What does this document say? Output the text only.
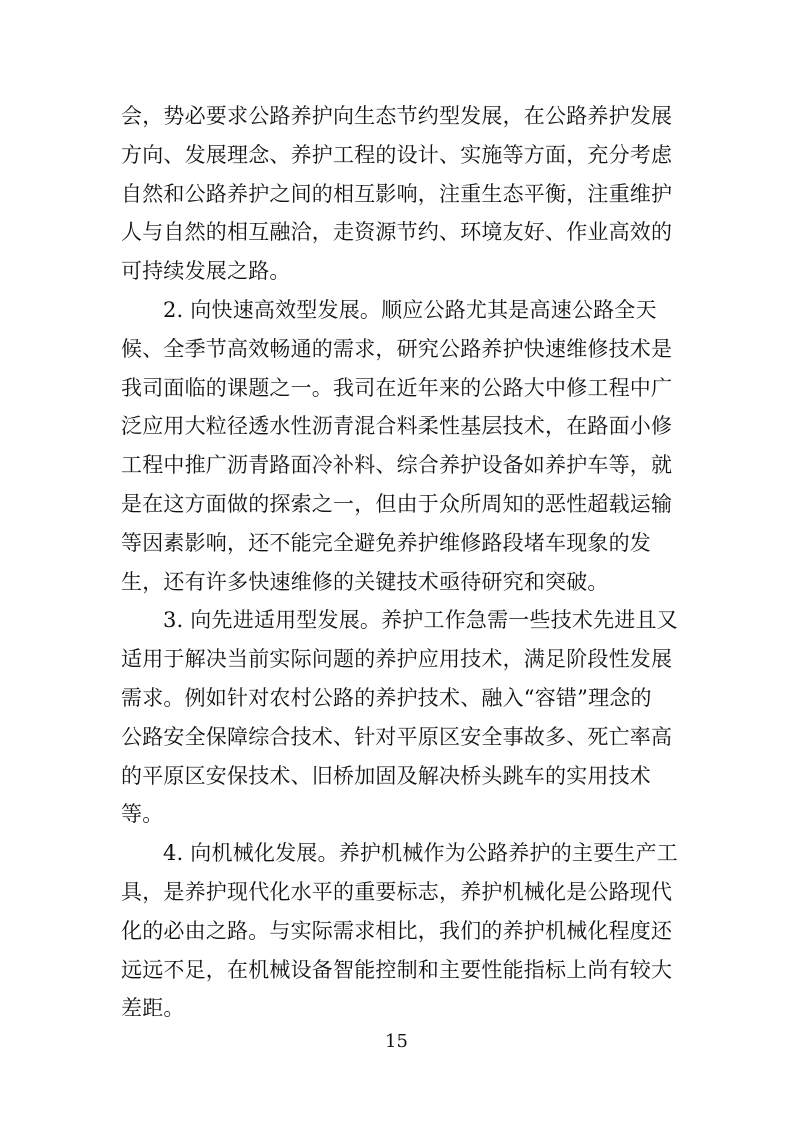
会，势必要求公路养护向生态节约型发展，在公路养护发展
方向、发展理念、养护工程的设计、实施等方面，充分考虑
自然和公路养护之间的相互影响，注重生态平衡，注重维护
人与自然的相互融洽，走资源节约、环境友好、作业高效的
可持续发展之路。
2. 向快速高效型发展。顺应公路尤其是高速公路全天
候、全季节高效畅通的需求，研究公路养护快速维修技术是
我司面临的课题之一。我司在近年来的公路大中修工程中广
泛应用大粒径透水性沥青混合料柔性基层技术，在路面小修
工程中推广沥青路面冷补料、综合养护设备如养护车等，就
是在这方面做的探索之一，但由于众所周知的恶性超载运输
等因素影响，还不能完全避免养护维修路段堵车现象的发
生，还有许多快速维修的关键技术亟待研究和突破。
3. 向先进适用型发展。养护工作急需一些技术先进且又
适用于解决当前实际问题的养护应用技术，满足阶段性发展
需求。例如针对农村公路的养护技术、融入“容错”理念的
公路安全保障综合技术、针对平原区安全事故多、死亡率高
的平原区安保技术、旧桥加固及解决桥头跳车的实用技术
等。
4. 向机械化发展。养护机械作为公路养护的主要生产工
具，是养护现代化水平的重要标志，养护机械化是公路现代
化的必由之路。与实际需求相比，我们的养护机械化程度还
远远不足，在机械设备智能控制和主要性能指标上尚有较大
差距。
15
